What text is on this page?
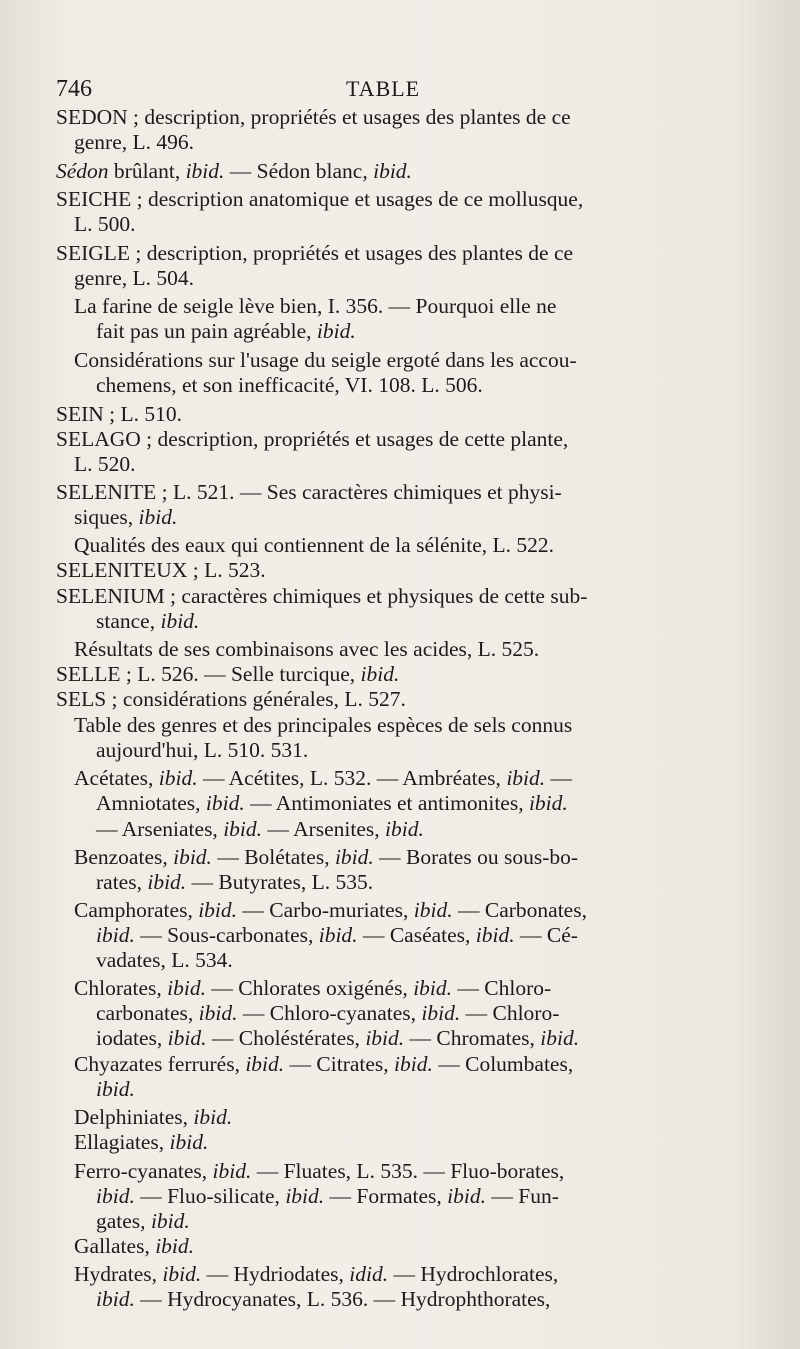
746	TABLE
SEDON ; description, propriétés et usages des plantes de ce
genre, L. 496.
Sédon brûlant, ibid. — Sédon blanc, ibid.
SEICHE ; description anatomique et usages de ce mollusque,
L. 500.
SEIGLE ; description, propriétés et usages des plantes de ce
genre, L. 504.
La farine de seigle lève bien, I. 356. — Pourquoi elle ne
fait pas un pain agréable, ibid.
Considérations sur l'usage du seigle ergoté dans les accou-
chemens, et son inefficacité, VI. 108. L. 506.
SEIN ; L. 510.
SELAGO ; description, propriétés et usages de cette plante,
L. 520.
SELENITE ; L. 521. — Ses caractères chimiques et physi-
siques, ibid.
Qualités des eaux qui contiennent de la sélénite, L. 522.
SELENITEUX ; L. 523.
SELENIUM ; caractères chimiques et physiques de cette sub-
stance, ibid.
Résultats de ses combinaisons avec les acides, L. 525.
SELLE ; L. 526. — Selle turcique, ibid.
SELS ; considérations générales, L. 527.
Table des genres et des principales espèces de sels connus
aujourd'hui, L. 510. 531.
Acétates, ibid. — Acétites, L. 532. — Ambréates, ibid. —
Amniotates, ibid. — Antimoniates et antimonites, ibid.
— Arseniates, ibid. — Arsenites, ibid.
Benzoates, ibid. — Bolétates, ibid. — Borates ou sous-bo-
rates, ibid. — Butyrates, L. 535.
Camphorates, ibid. — Carbo-muriates, ibid. — Carbonates,
ibid. — Sous-carbonates, ibid. — Caséates, ibid. — Cé-
vadates, L. 534.
Chlorates, ibid. — Chlorates oxigénés, ibid. — Chloro-
carbonates, ibid. — Chloro-cyanates, ibid. — Chloro-
iodates, ibid. — Choléstérates, ibid. — Chromates, ibid.
Chyazates ferrurés, ibid. — Citrates, ibid. — Columbates,
ibid.
Delphiniates, ibid.
Ellagiates, ibid.
Ferro-cyanates, ibid. — Fluates, L. 535. — Fluo-borates,
ibid. — Fluo-silicate, ibid. — Formates, ibid. — Fun-
gates, ibid.
Gallates, ibid.
Hydrates, ibid. — Hydriodates, idid. — Hydrochlorates,
ibid. — Hydrocyanates, L. 536. — Hydrophthorates,
